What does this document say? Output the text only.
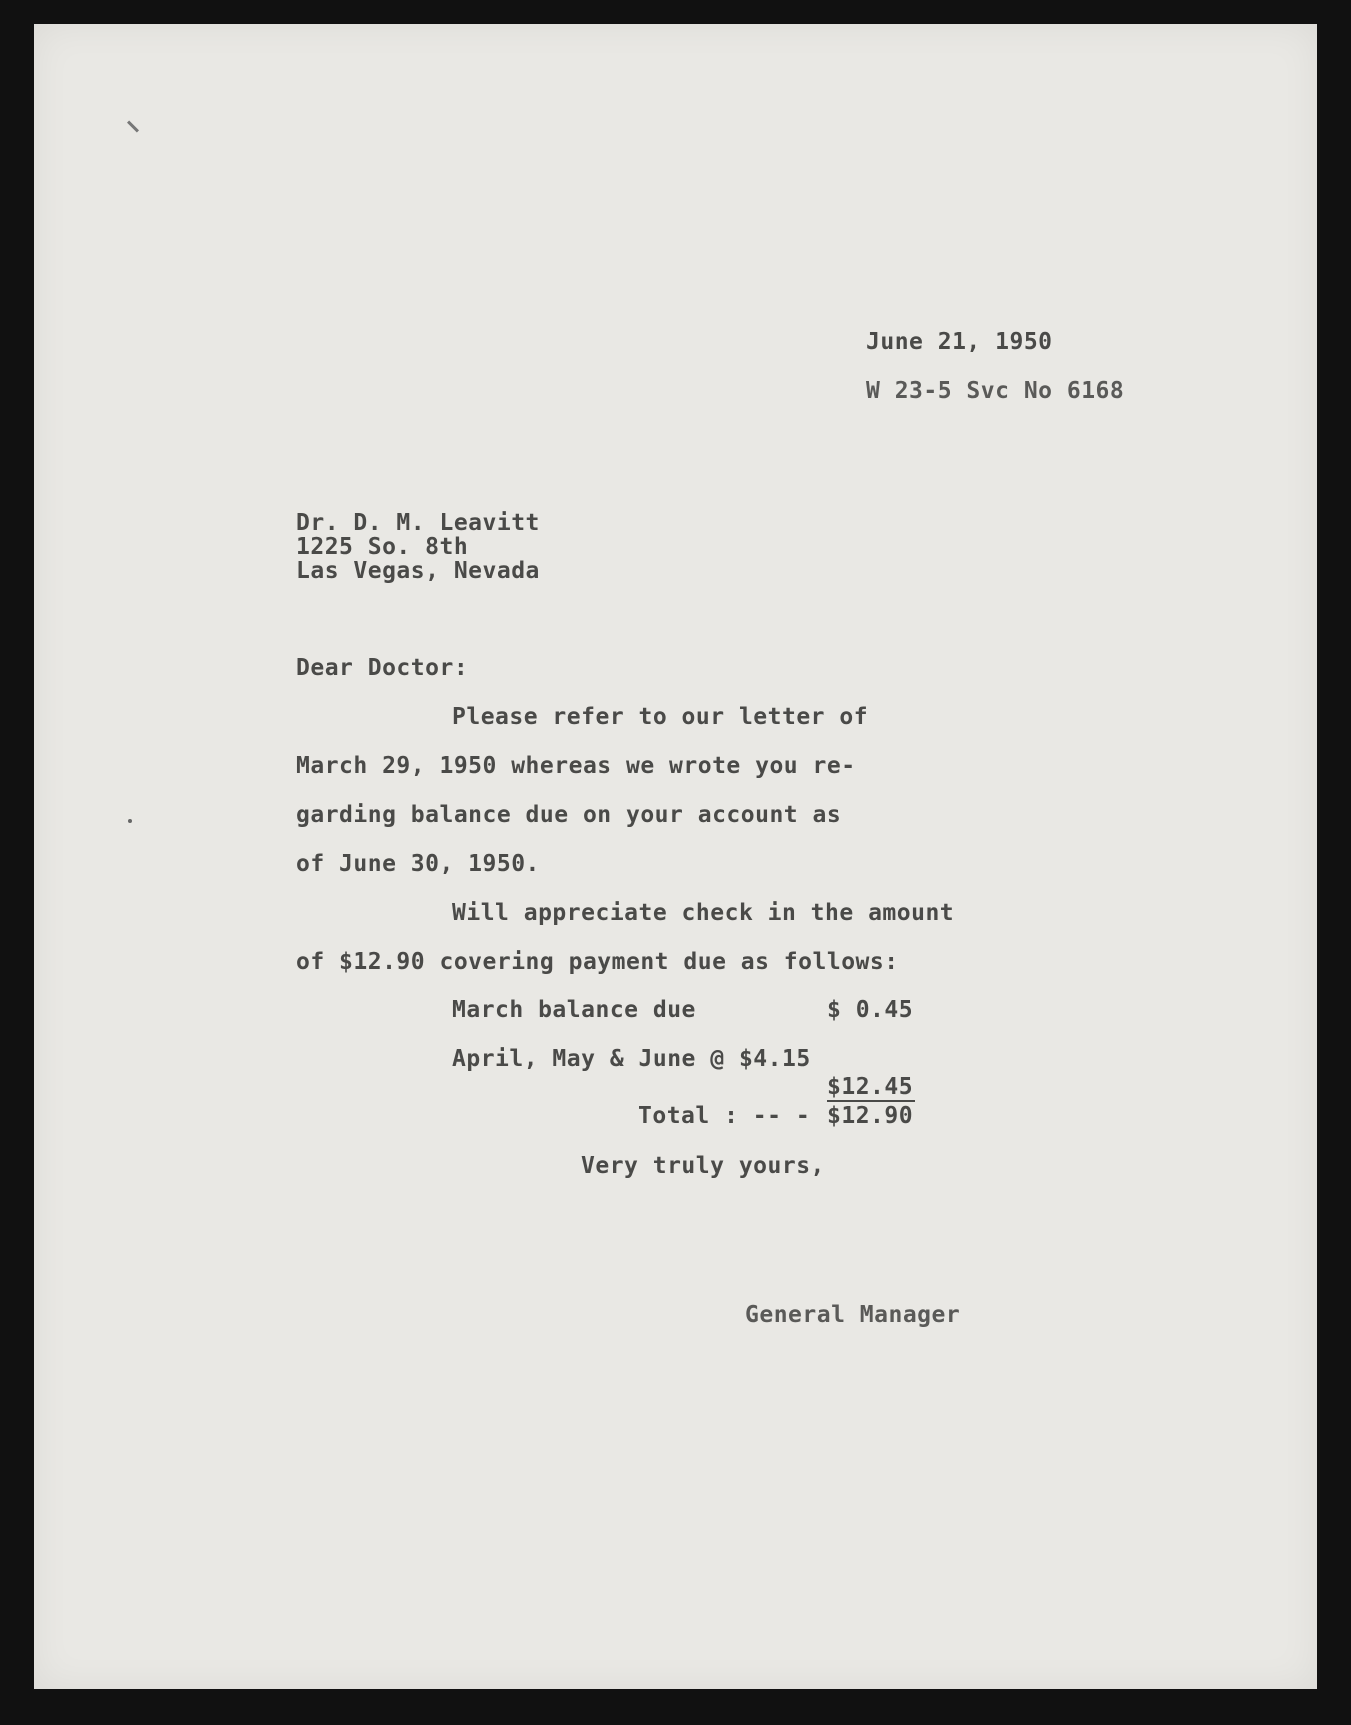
June 21, 1950
W 23-5 Svc No 6168
Dr. D. M. Leavitt
1225 So. 8th
Las Vegas, Nevada
Dear Doctor:
Please refer to our letter of
March 29, 1950 whereas we wrote you re-
garding balance due on your account as
of June 30, 1950.
Will appreciate check in the amount
of $12.90 covering payment due as follows:
March balance due	$ 0.45
April, May & June @ $4.15
$12.45
Total : -- - $12.90
Very truly yours,
General Manager
